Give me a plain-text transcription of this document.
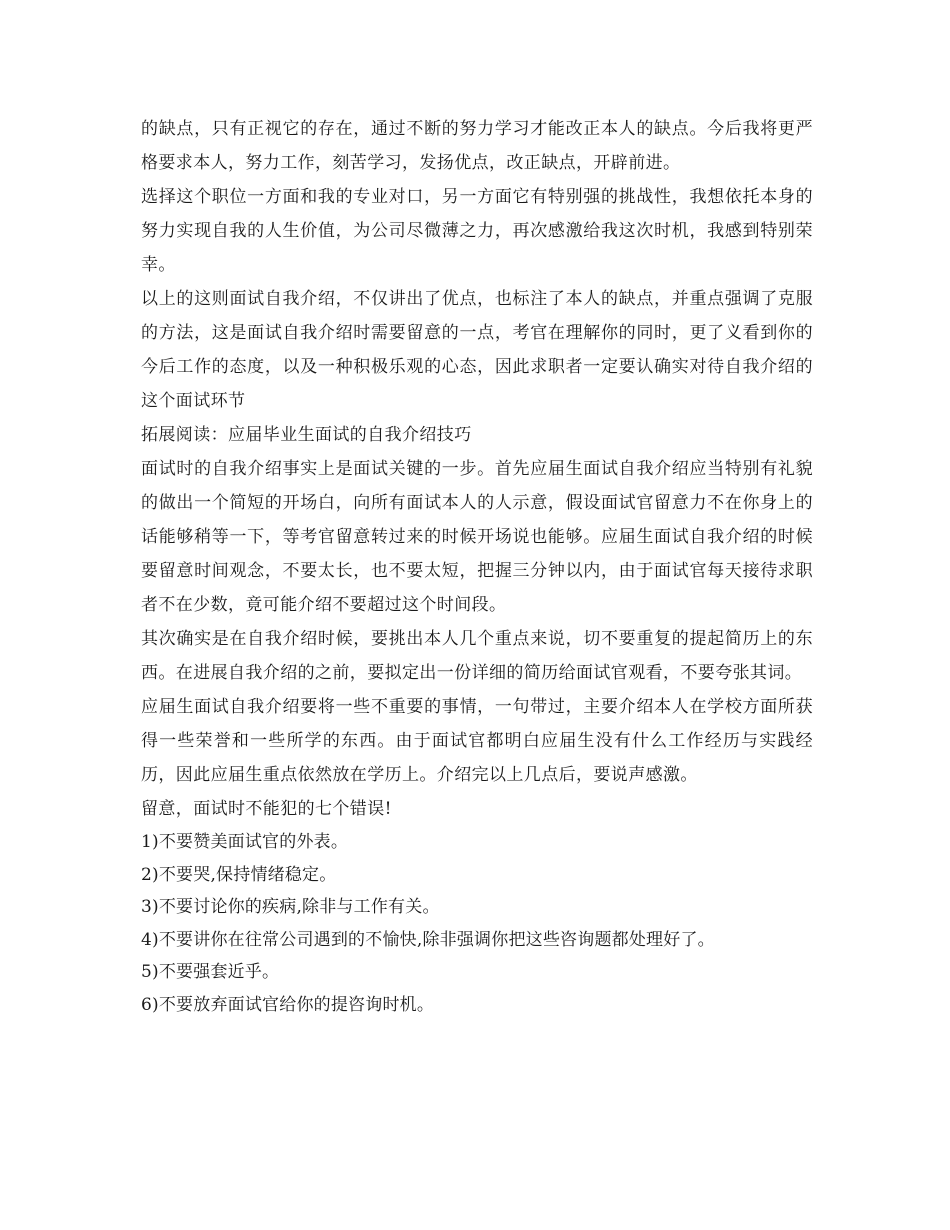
的缺点，只有正视它的存在，通过不断的努力学习才能改正本人的缺点。今后我将更严格要求本人，努力工作，刻苦学习，发扬优点，改正缺点，开辟前进。

选择这个职位一方面和我的专业对口，另一方面它有特别强的挑战性，我想依托本身的努力实现自我的人生价值，为公司尽微薄之力，再次感激给我这次时机，我感到特别荣幸。

以上的这则面试自我介绍，不仅讲出了优点，也标注了本人的缺点，并重点强调了克服的方法，这是面试自我介绍时需要留意的一点，考官在理解你的同时，更了义看到你的今后工作的态度，以及一种积极乐观的心态，因此求职者一定要认确实对待自我介绍的这个面试环节

拓展阅读：应届毕业生面试的自我介绍技巧

面试时的自我介绍事实上是面试关键的一步。首先应届生面试自我介绍应当特别有礼貌的做出一个简短的开场白，向所有面试本人的人示意，假设面试官留意力不在你身上的话能够稍等一下，等考官留意转过来的时候开场说也能够。应届生面试自我介绍的时候要留意时间观念，不要太长，也不要太短，把握三分钟以内，由于面试官每天接待求职者不在少数，竟可能介绍不要超过这个时间段。

其次确实是在自我介绍时候，要挑出本人几个重点来说，切不要重复的提起简历上的东西。在进展自我介绍的之前，要拟定出一份详细的简历给面试官观看，不要夸张其词。

应届生面试自我介绍要将一些不重要的事情，一句带过，主要介绍本人在学校方面所获得一些荣誉和一些所学的东西。由于面试官都明白应届生没有什么工作经历与实践经历，因此应届生重点依然放在学历上。介绍完以上几点后，要说声感激。

留意，面试时不能犯的七个错误!

1)不要赞美面试官的外表。

2)不要哭,保持情绪稳定。

3)不要讨论你的疾病,除非与工作有关。

4)不要讲你在往常公司遇到的不愉快,除非强调你把这些咨询题都处理好了。

5)不要强套近乎。

6)不要放弃面试官给你的提咨询时机。
